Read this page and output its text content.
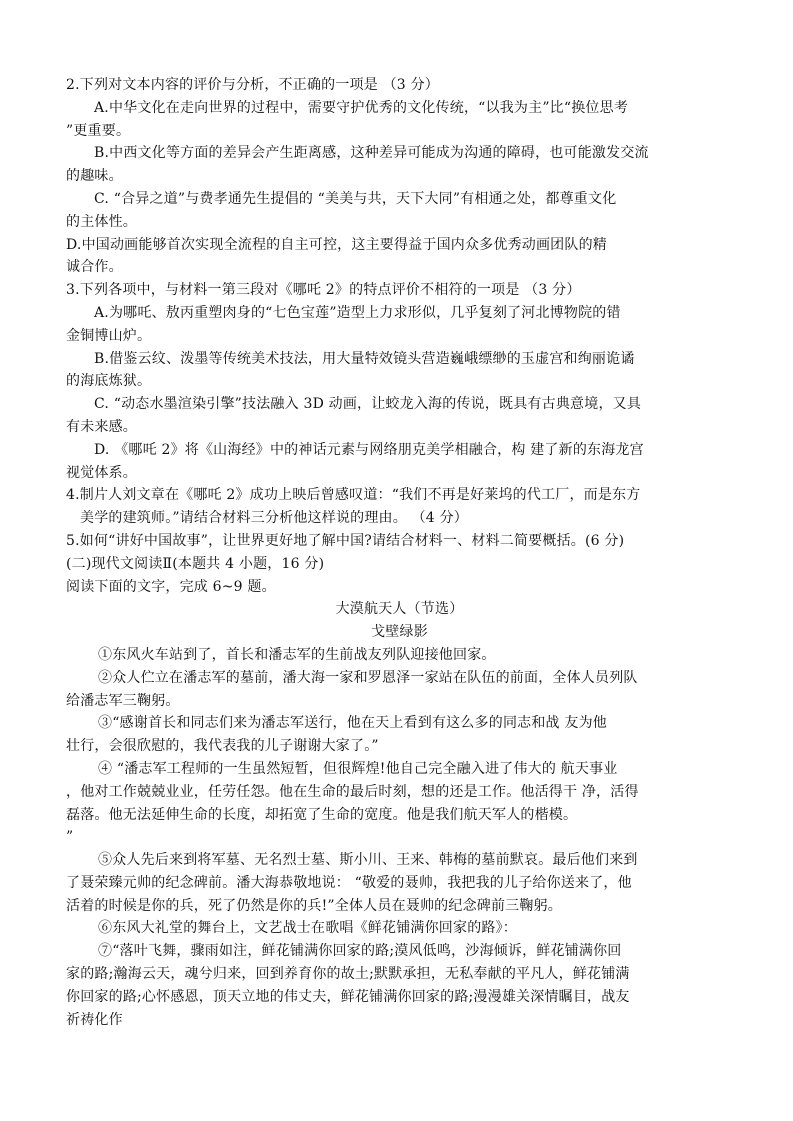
2.下列对文本内容的评价与分析，不正确的一项是 （3 分）
A.中华文化在走向世界的过程中，需要守护优秀的文化传统，“以我为主”比“换位思考
”更重要。
B.中西文化等方面的差异会产生距离感，这种差异可能成为沟通的障碍，也可能激发交流
的趣味。
C. “合异之道”与费孝通先生提倡的 “美美与共，天下大同”有相通之处，都尊重文化
的主体性。
D.中国动画能够首次实现全流程的自主可控，这主要得益于国内众多优秀动画团队的精
诚合作。
3.下列各项中，与材料一第三段对《哪吒 2》的特点评价不相符的一项是 （3 分）
A.为哪吒、敖丙重塑肉身的“七色宝莲”造型上力求形似，几乎复刻了河北博物院的错
金铜博山炉。
B.借鉴云纹、泼墨等传统美术技法，用大量特效镜头营造巍峨缥缈的玉虚宫和绚丽诡谲
的海底炼狱。
C. “动态水墨渲染引擎”技法融入 3D 动画，让蛟龙入海的传说，既具有古典意境，又具
有未来感。
D. 《哪吒 2》将《山海经》中的神话元素与网络朋克美学相融合，构 建了新的东海龙宫
视觉体系。
4.制片人刘文章在《哪吒 2》成功上映后曾感叹道：“我们不再是好莱坞的代工厂，而是东方
美学的建筑师。”请结合材料三分析他这样说的理由。 （4 分）
5.如何“讲好中国故事”，让世界更好地了解中国?请结合材料一、材料二简要概括。(6 分)
(二)现代文阅读Ⅱ(本题共 4 小题，16 分)
阅读下面的文字，完成 6~9 题。
大漠航天人（节选）
戈壁绿影
①东风火车站到了，首长和潘志军的生前战友列队迎接他回家。
②众人伫立在潘志军的墓前，潘大海一家和罗恩泽一家站在队伍的前面，全体人员列队
给潘志军三鞠躬。
③“感谢首长和同志们来为潘志军送行，他在天上看到有这么多的同志和战 友为他
壮行，会很欣慰的，我代表我的儿子谢谢大家了。”
④ “潘志军工程师的一生虽然短暂，但很辉煌!他自己完全融入进了伟大的 航天事业
，他对工作兢兢业业，任劳任怨。他在生命的最后时刻，想的还是工作。他活得干 净，活得
磊落。他无法延伸生命的长度，却拓宽了生命的宽度。他是我们航天军人的楷模。
”
⑤众人先后来到将军墓、无名烈士墓、斯小川、王来、韩梅的墓前默哀。最后他们来到
了聂荣臻元帅的纪念碑前。潘大海恭敬地说： “敬爱的聂帅，我把我的儿子给你送来了，他
活着的时候是你的兵，死了仍然是你的兵!”全体人员在聂帅的纪念碑前三鞠躬。
⑥东风大礼堂的舞台上，文艺战士在歌唱《鲜花铺满你回家的路》：
⑦“落叶飞舞，骤雨如注，鲜花铺满你回家的路;漠风低鸣，沙海倾诉，鲜花铺满你回
家的路;瀚海云天，魂兮归来，回到养育你的故土;默默承担，无私奉献的平凡人，鲜花铺满
你回家的路;心怀感恩，顶天立地的伟丈夫，鲜花铺满你回家的路;漫漫雄关深情瞩目，战友
祈祷化作
